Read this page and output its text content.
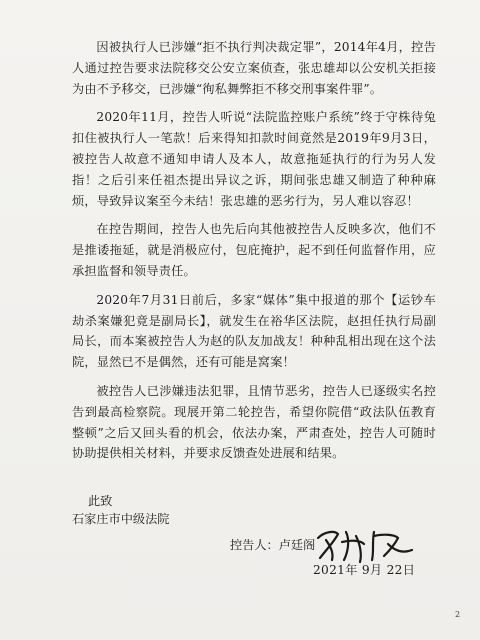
因被执行人已涉嫌“拒不执行判决裁定罪”，2014年4月，控告人通过控告要求法院移交公安立案侦查，张忠雄却以公安机关拒接为由不予移交，已涉嫌“徇私舞弊拒不移交刑事案件罪”。

2020年11月，控告人听说“法院监控账户系统”终于守株待兔扣住被执行人一笔款！后来得知扣款时间竟然是2019年9月3日，被控告人故意不通知申请人及本人，故意拖延执行的行为另人发指！之后引来任祖杰提出异议之诉，期间张忠雄又制造了种种麻烦，导致异议案至今未结！张忠雄的恶劣行为，另人难以容忍！

在控告期间，控告人也先后向其他被控告人反映多次，他们不是推诿拖延，就是消极应付，包庇掩护，起不到任何监督作用，应承担监督和领导责任。

2020年7月31日前后，多家“媒体”集中报道的那个【运钞车劫杀案嫌犯竟是副局长】，就发生在裕华区法院，赵担任执行局副局长，而本案被控告人为赵的队友加战友！种种乱相出现在这个法院，显然已不是偶然，还有可能是窝案！

被控告人已涉嫌违法犯罪，且情节恶劣，控告人已逐级实名控告到最高检察院。现展开第二轮控告，希望你院借“政法队伍教育整顿”之后又回头看的机会，依法办案，严肃查处，控告人可随时协助提供相关材料，并要求反馈查处进展和结果。

此致
石家庄市中级法院
控告人：卢廷阁
2021年 9月 22日
2
